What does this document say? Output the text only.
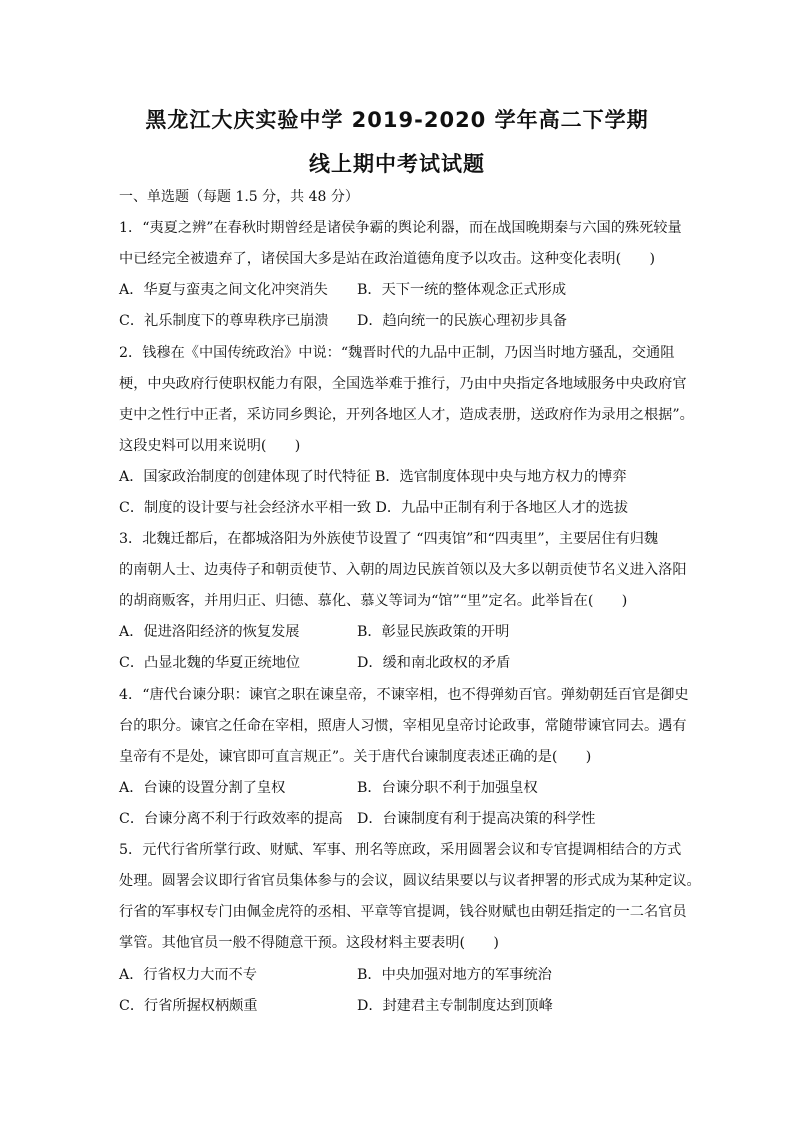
黑龙江大庆实验中学 2019-2020 学年高二下学期
线上期中考试试题
一、单选题（每题 1.5 分，共 48 分）

1．“夷夏之辨”在春秋时期曾经是诸侯争霸的舆论利器，而在战国晚期秦与六国的殊死较量

中已经完全被遗弃了，诸侯国大多是站在政治道德角度予以攻击。这种变化表明(　　)

A．华夏与蛮夷之间文化冲突消失 B．天下一统的整体观念正式形成
C．礼乐制度下的尊卑秩序已崩溃 D．趋向统一的民族心理初步具备

2．钱穆在《中国传统政治》中说：“魏晋时代的九品中正制，乃因当时地方骚乱，交通阻

梗，中央政府行使职权能力有限，全国选举难于推行，乃由中央指定各地域服务中央政府官

吏中之性行中正者，采访同乡舆论，开列各地区人才，造成表册，送政府作为录用之根据”。

这段史料可以用来说明(　　)

A．国家政治制度的创建体现了时代特征 B．选官制度体现中央与地方权力的博弈
C．制度的设计要与社会经济水平相一致 D．九品中正制有利于各地区人才的选拔

3．北魏迁都后，在都城洛阳为外族使节设置了 “四夷馆”和“四夷里”，主要居住有归魏

的南朝人士、边夷侍子和朝贡使节、入朝的周边民族首领以及大多以朝贡使节名义进入洛阳

的胡商贩客，并用归正、归德、慕化、慕义等词为“馆”“里”定名。此举旨在(　　)

A．促进洛阳经济的恢复发展	B．彰显民族政策的开明
C．凸显北魏的华夏正统地位	D．缓和南北政权的矛盾

4．“唐代台谏分职：谏官之职在谏皇帝，不谏宰相，也不得弹劾百官。弹劾朝廷百官是御史

台的职分。谏官之任命在宰相，照唐人习惯，宰相见皇帝讨论政事，常随带谏官同去。遇有

皇帝有不是处，谏官即可直言规正”。关于唐代台谏制度表述正确的是(　　)

A．台谏的设置分割了皇权	B．台谏分职不利于加强皇权
C．台谏分离不利于行政效率的提高 D．台谏制度有利于提高决策的科学性

5．元代行省所掌行政、财赋、军事、刑名等庶政，采用圆署会议和专官提调相结合的方式

处理。圆署会议即行省官员集体参与的会议，圆议结果要以与议者押署的形式成为某种定议。

行省的军事权专门由佩金虎符的丞相、平章等官提调，钱谷财赋也由朝廷指定的一二名官员

掌管。其他官员一般不得随意干预。这段材料主要表明(　　)

A．行省权力大而不专	B．中央加强对地方的军事统治
C．行省所握权柄颇重	D．封建君主专制制度达到顶峰
